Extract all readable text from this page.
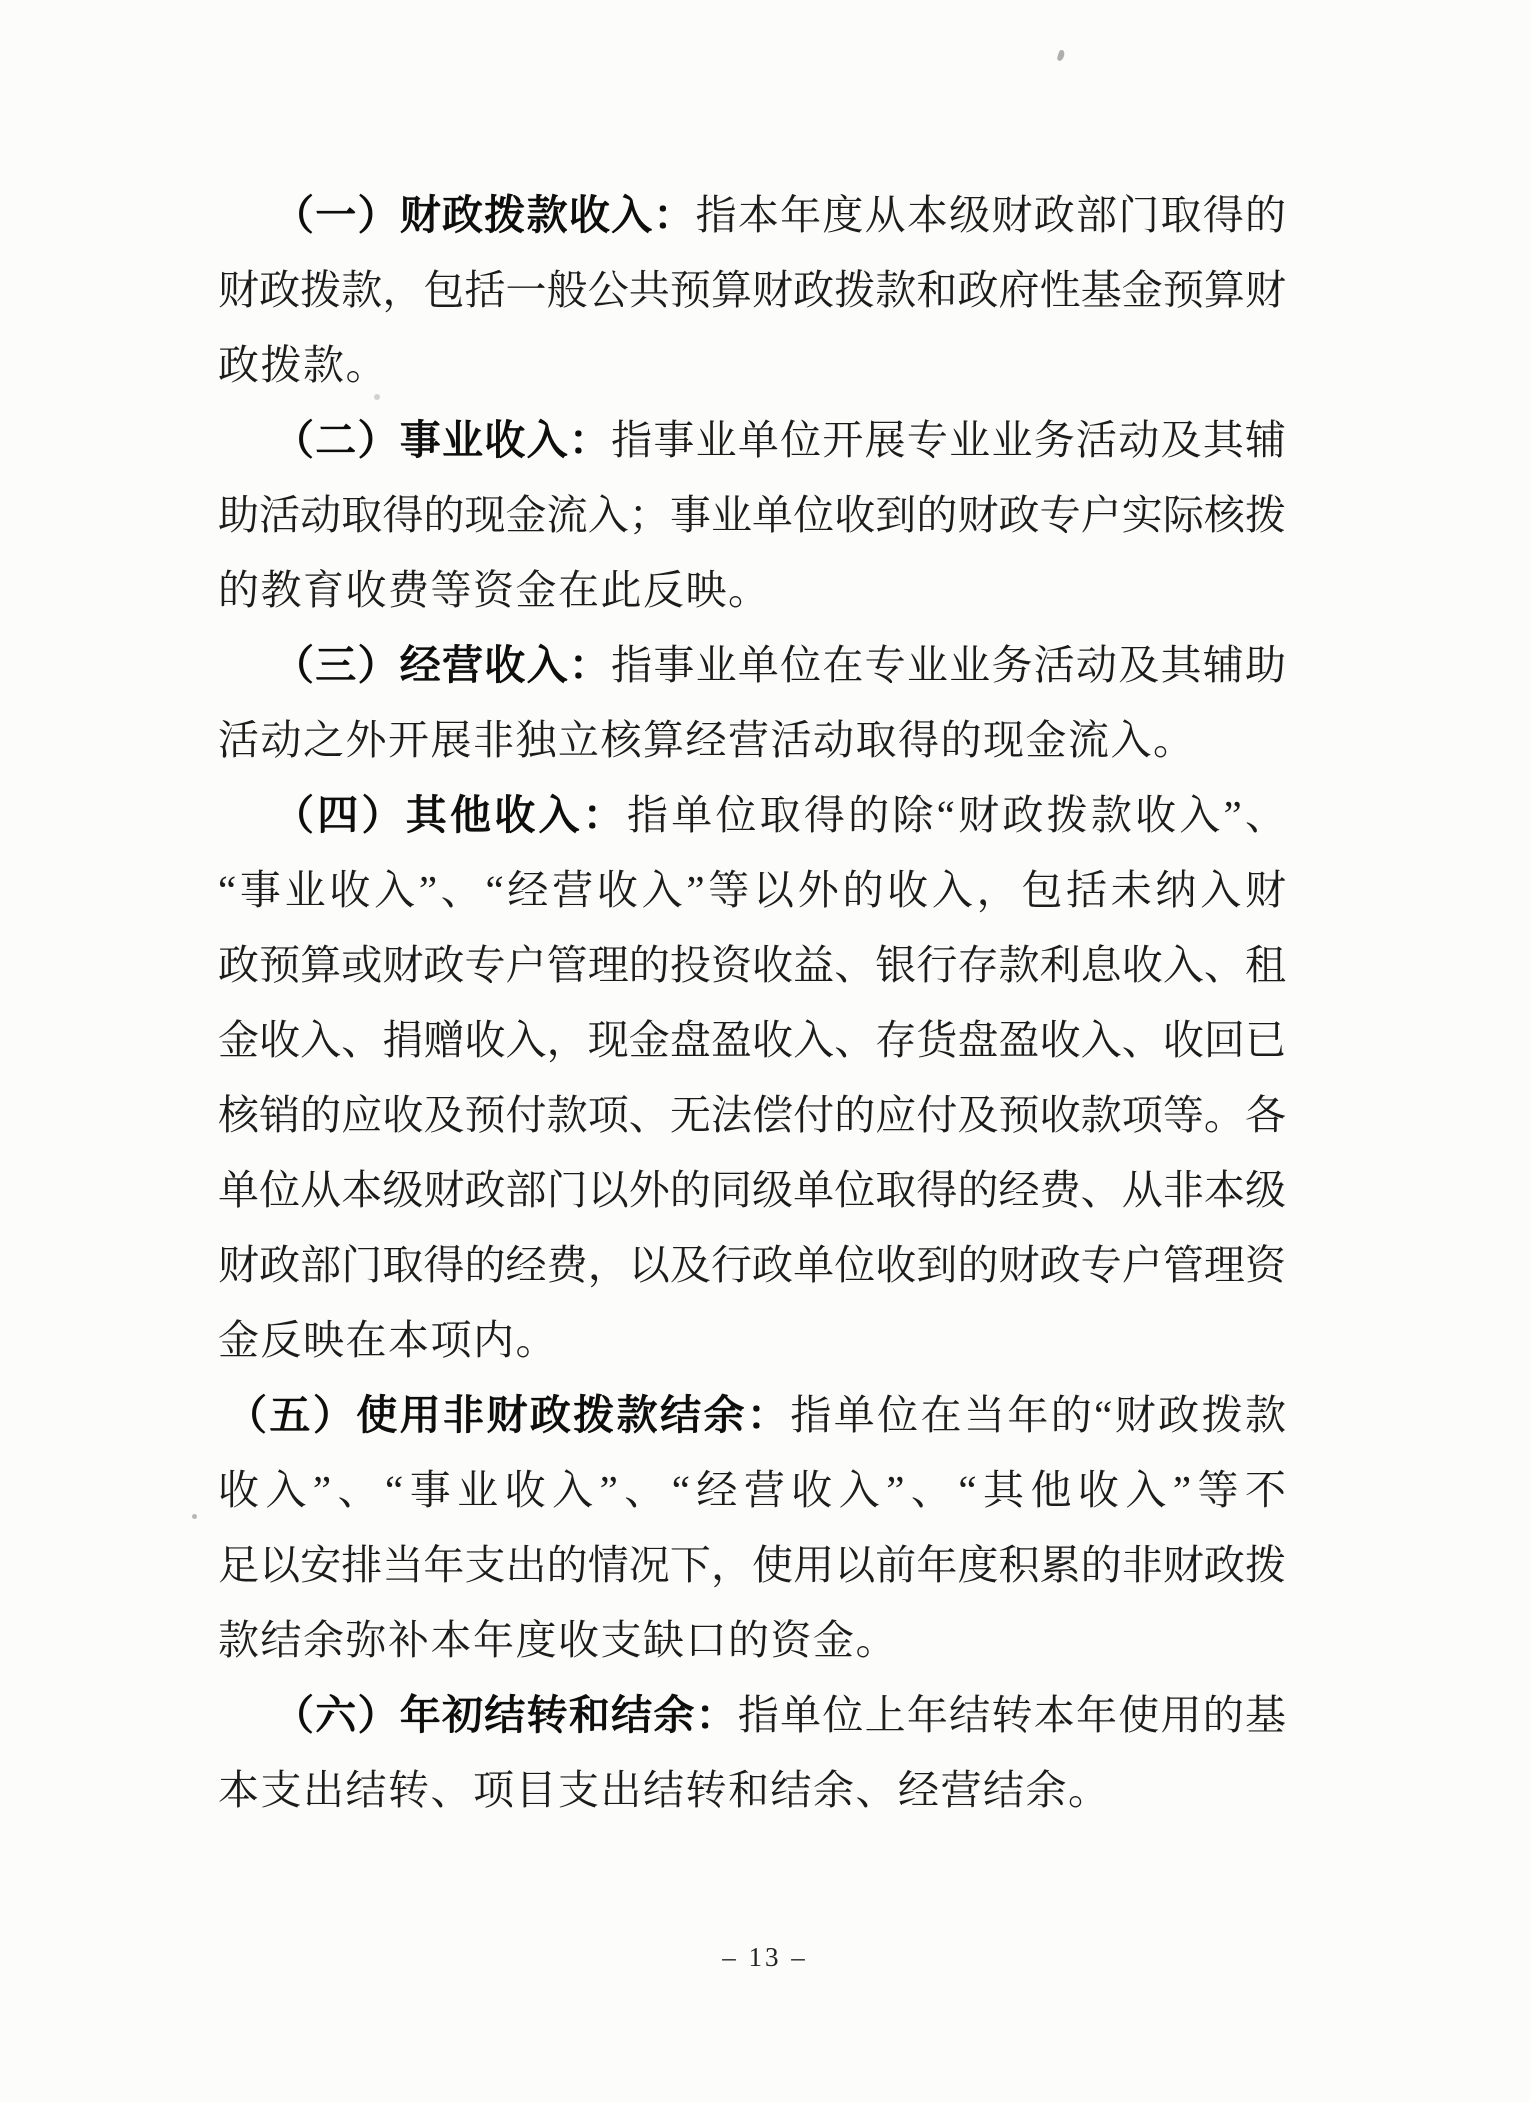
（一）财政拨款收入：指本年度从本级财政部门取得的
财政拨款，包括一般公共预算财政拨款和政府性基金预算财
政拨款。
（二）事业收入：指事业单位开展专业业务活动及其辅
助活动取得的现金流入；事业单位收到的财政专户实际核拨
的教育收费等资金在此反映。
（三）经营收入：指事业单位在专业业务活动及其辅助
活动之外开展非独立核算经营活动取得的现金流入。
（四）其他收入：指单位取得的除“财政拨款收入”、
“事业收入”、“经营收入”等以外的收入，包括未纳入财
政预算或财政专户管理的投资收益、银行存款利息收入、租
金收入、捐赠收入，现金盘盈收入、存货盘盈收入、收回已
核销的应收及预付款项、无法偿付的应付及预收款项等。各
单位从本级财政部门以外的同级单位取得的经费、从非本级
财政部门取得的经费，以及行政单位收到的财政专户管理资
金反映在本项内。
（五）使用非财政拨款结余：指单位在当年的“财政拨款
收入”、“事业收入”、“经营收入”、“其他收入”等不
足以安排当年支出的情况下，使用以前年度积累的非财政拨
款结余弥补本年度收支缺口的资金。
（六）年初结转和结余：指单位上年结转本年使用的基
本支出结转、项目支出结转和结余、经营结余。
– 13 –
